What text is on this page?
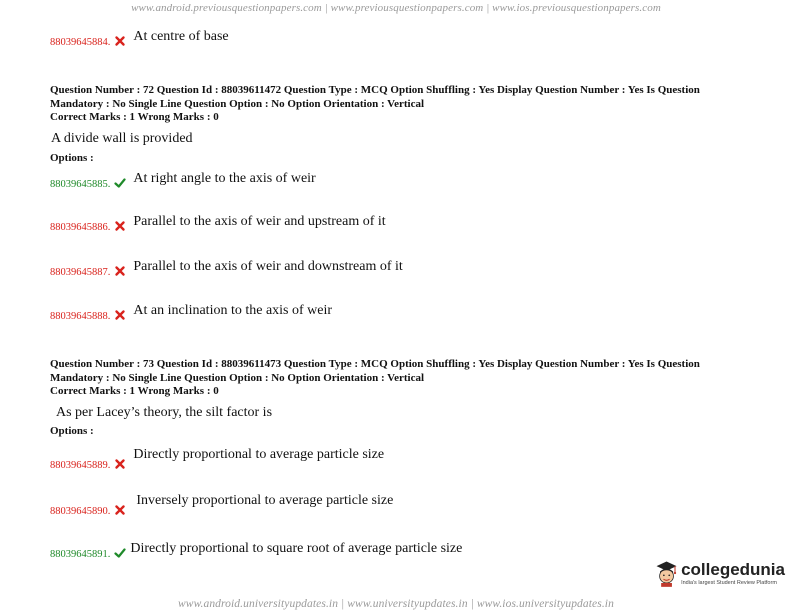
www.android.previousquestionpapers.com | www.previousquestionpapers.com | www.ios.previousquestionpapers.com
88039645884. At centre of base
Question Number : 72 Question Id : 88039611472 Question Type : MCQ Option Shuffling : Yes Display Question Number : Yes Is Question
Mandatory : No Single Line Question Option : No Option Orientation : Vertical
Correct Marks : 1 Wrong Marks : 0
A divide wall is provided
Options :
88039645885. At right angle to the axis of weir
88039645886. Parallel to the axis of weir and upstream of it
88039645887. Parallel to the axis of weir and downstream of it
88039645888. At an inclination to the axis of weir
Question Number : 73 Question Id : 88039611473 Question Type : MCQ Option Shuffling : Yes Display Question Number : Yes Is Question
Mandatory : No Single Line Question Option : No Option Orientation : Vertical
Correct Marks : 1 Wrong Marks : 0
As per Lacey’s theory, the silt factor is
Options :
88039645889.
Directly proportional to average particle size
88039645890.
Inversely proportional to average particle size
88039645891. Directly proportional to square root of average particle size
collegedunia
India's largest Student Review Platform
www.android.universityupdates.in | www.universityupdates.in | www.ios.universityupdates.in
